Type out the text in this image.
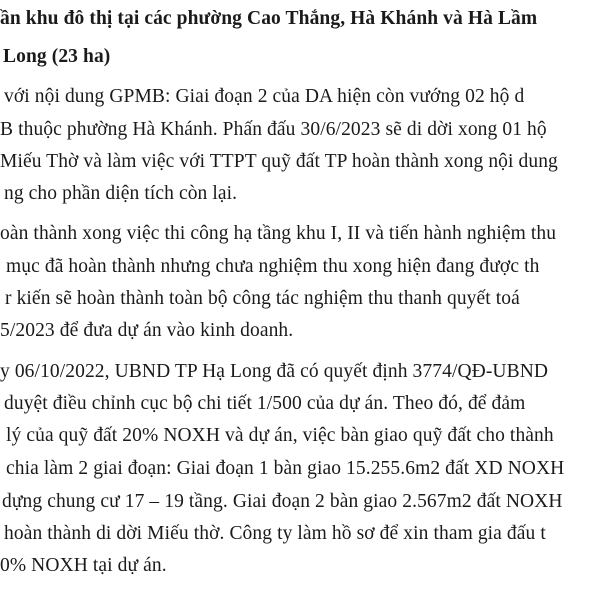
ần khu đô thị tại các phường Cao Thắng, Hà Khánh và Hà Lầm
Long (23 ha)
với nội dung GPMB: Giai đoạn 2 của DA hiện còn vướng 02 hộ d
B thuộc phường Hà Khánh. Phấn đấu 30/6/2023 sẽ di dời xong 01 hộ
Miếu Thờ và làm việc với TTPT quỹ đất TP hoàn thành xong nội dung
ng cho phần diện tích còn lại.
oàn thành xong việc thi công hạ tầng khu I, II và tiến hành nghiệm thu
mục đã hoàn thành nhưng chưa nghiệm thu xong hiện đang được th
r kiến sẽ hoàn thành toàn bộ công tác nghiệm thu thanh quyết toá
5/2023 để đưa dự án vào kinh doanh.
y 06/10/2022, UBND TP Hạ Long đã có quyết định 3774/QĐ-UBND
duyệt điều chỉnh cục bộ chi tiết 1/500 của dự án. Theo đó, để đảm
lý của quỹ đất 20% NOXH và dự án, việc bàn giao quỹ đất cho thành
chia làm 2 giai đoạn: Giai đoạn 1 bàn giao 15.255.6m2 đất XD NOXH
dựng chung cư 17 – 19 tầng. Giai đoạn 2 bàn giao 2.567m2 đất NOXH
hoàn thành di dời Miếu thờ. Công ty làm hồ sơ để xin tham gia đấu t
0% NOXH tại dự án.
